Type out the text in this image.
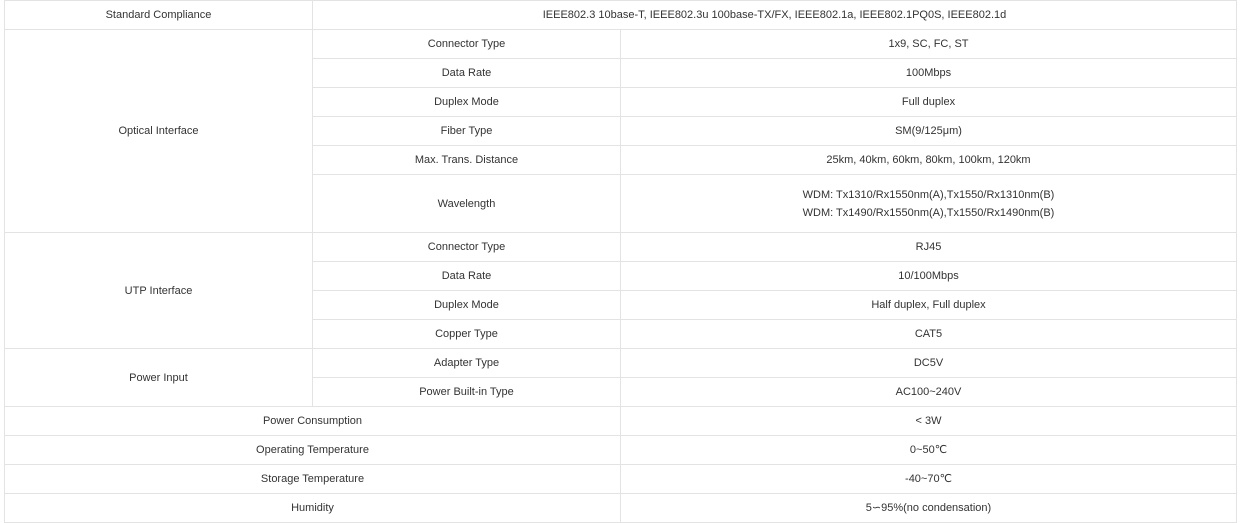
Standard Compliance	IEEE802.3 10base-T, IEEE802.3u 100base-TX/FX, IEEE802.1a, IEEE802.1PQ0S, IEEE802.1d	
Optical Interface	Connector Type	1x9, SC, FC, ST
	Data Rate	100Mbps
	Duplex Mode	Full duplex
	Fiber Type	SM(9/125μm)
	Max. Trans. Distance	25km, 40km, 60km, 80km, 100km, 120km
	Wavelength	WDM: Tx1310/Rx1550nm(A),Tx1550/Rx1310nm(B)
WDM: Tx1490/Rx1550nm(A),Tx1550/Rx1490nm(B)

UTP Interface	Connector Type	RJ45
	Data Rate	10/100Mbps
	Duplex Mode	Half duplex, Full duplex
	Copper Type	CAT5
Power Input	Adapter Type	DC5V
	Power Built-in Type	AC100~240V
Power Consumption		< 3W
Operating Temperature		0~50℃
Storage Temperature		-40~70℃
Humidity		5∽95%(no condensation)
